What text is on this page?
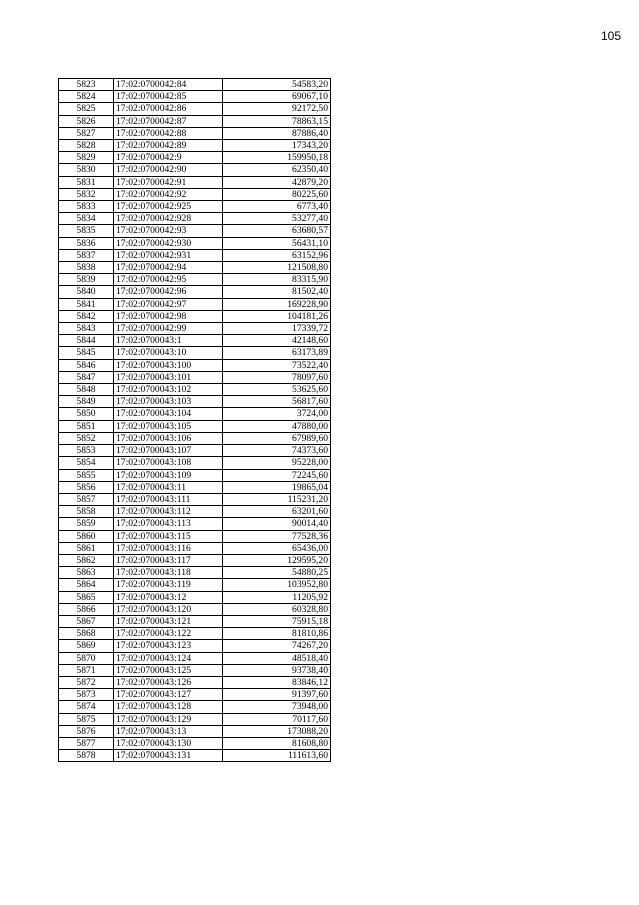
105
5823	17:02:0700042:84	54583,20
5824	17:02:0700042:85	69067,10
5825	17:02:0700042:86	92172,50
5826	17:02:0700042:87	78863,15
5827	17:02:0700042:88	87886,40
5828	17:02:0700042:89	17343,20
5829	17:02:0700042:9	159950,18
5830	17:02:0700042:90	62350,40
5831	17:02:0700042:91	42879,20
5832	17:02:0700042:92	80225,60
5833	17:02:0700042:925	6773,40
5834	17:02:0700042:928	53277,40
5835	17:02:0700042:93	63680,57
5836	17:02:0700042:930	56431,10
5837	17:02:0700042:931	63152,96
5838	17:02:0700042:94	121508,80
5839	17:02:0700042:95	83315,90
5840	17:02:0700042:96	81502,40
5841	17:02:0700042:97	169228,90
5842	17:02:0700042:98	104181,26
5843	17:02:0700042:99	17339,72
5844	17:02:0700043:1	42148,60
5845	17:02:0700043:10	63173,89
5846	17:02:0700043:100	73522,40
5847	17:02:0700043:101	78097,60
5848	17:02:0700043:102	53625,60
5849	17:02:0700043:103	56817,60
5850	17:02:0700043:104	3724,00
5851	17:02:0700043:105	47880,00
5852	17:02:0700043:106	67989,60
5853	17:02:0700043:107	74373,60
5854	17:02:0700043:108	95228,00
5855	17:02:0700043:109	72245,60
5856	17:02:0700043:11	19865,04
5857	17:02:0700043:111	115231,20
5858	17:02:0700043:112	63201,60
5859	17:02:0700043:113	90014,40
5860	17:02:0700043:115	77528,36
5861	17:02:0700043:116	65436,00
5862	17:02:0700043:117	129595,20
5863	17:02:0700043:118	54880,25
5864	17:02:0700043:119	103952,80
5865	17:02:0700043:12	11205,92
5866	17:02:0700043:120	60328,80
5867	17:02:0700043:121	75915,18
5868	17:02:0700043:122	81810,86
5869	17:02:0700043:123	74267,20
5870	17:02:0700043:124	48518,40
5871	17:02:0700043:125	93738,40
5872	17:02:0700043:126	83846,12
5873	17:02:0700043:127	91397,60
5874	17:02:0700043:128	73948,00
5875	17:02:0700043:129	70117,60
5876	17:02:0700043:13	173088,20
5877	17:02:0700043:130	81608,80
5878	17:02:0700043:131	111613,60
